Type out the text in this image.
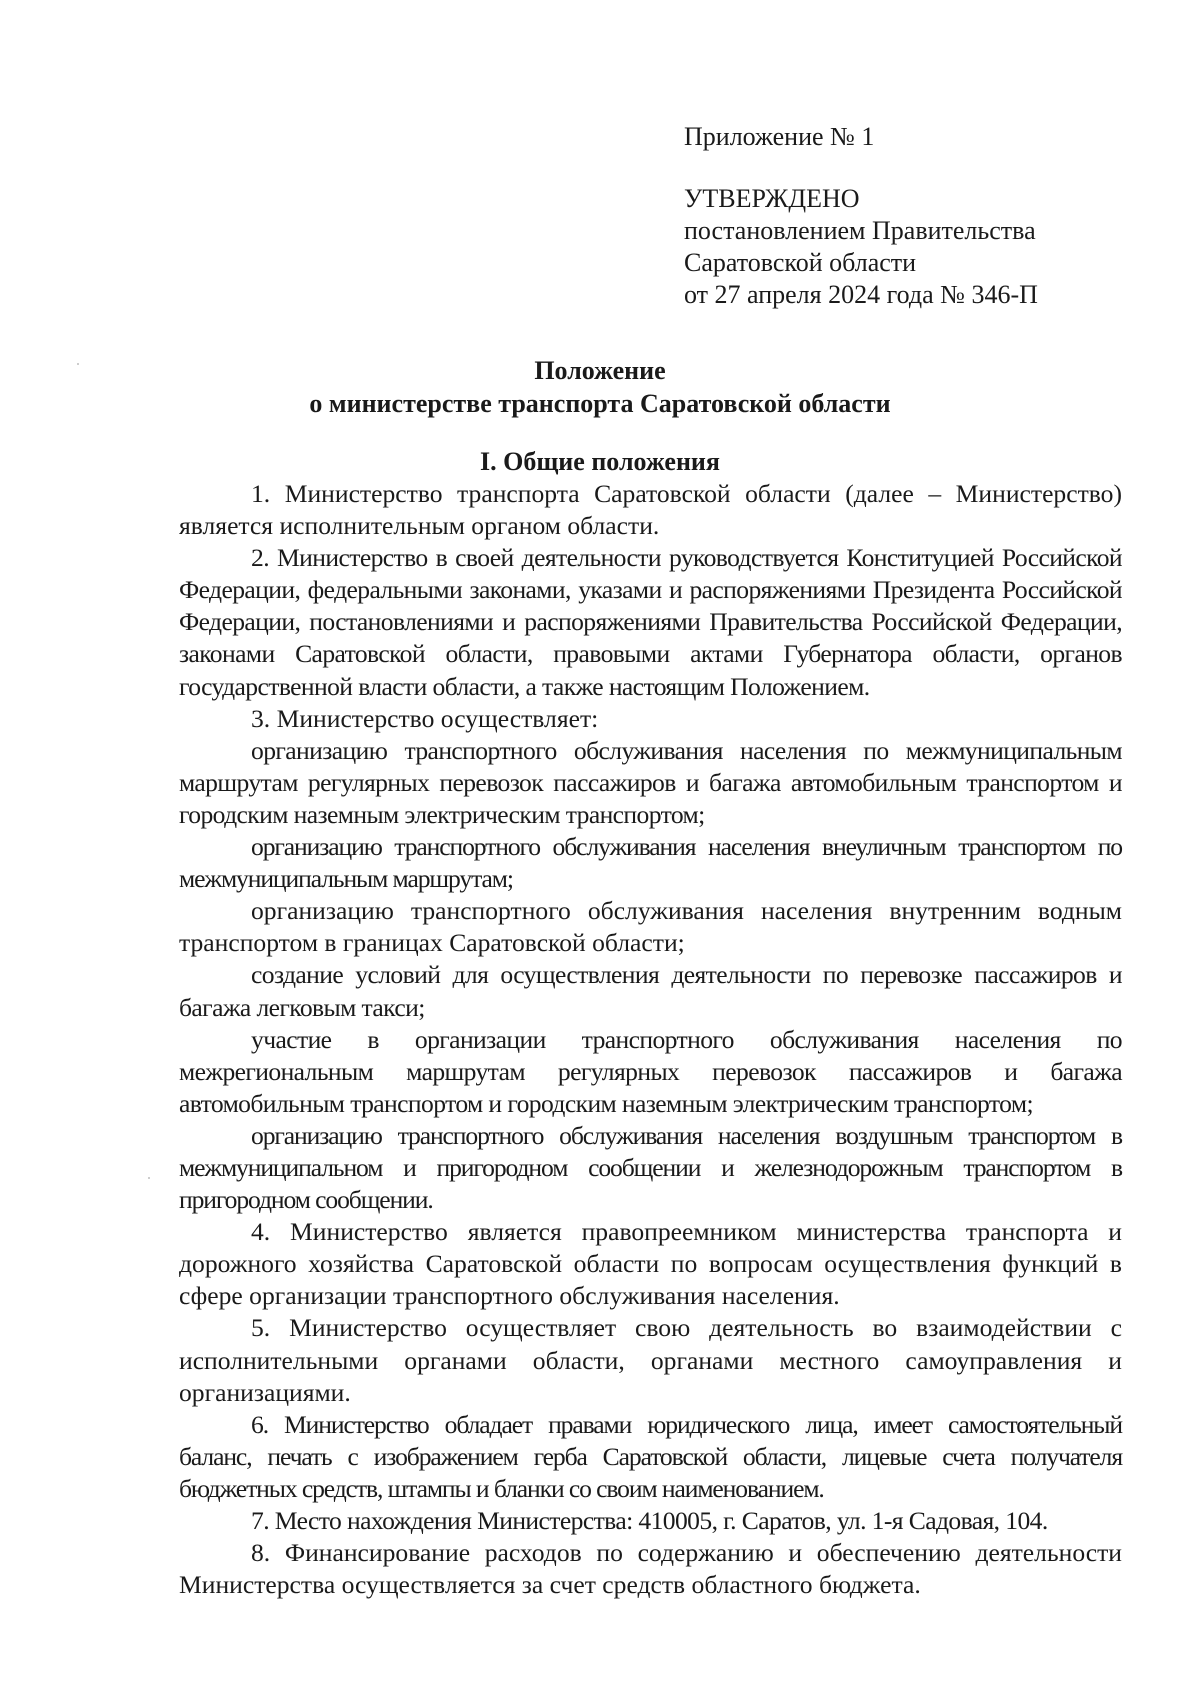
Приложение № 1
УТВЕРЖДЕНО
постановлением Правительства
Саратовской области
от 27 апреля 2024 года № 346-П
Положение
о министерстве транспорта Саратовской области
I. Общие положения

1. Министерство транспорта Саратовской области (далее – Министерство) является исполнительным органом области.

2. Министерство в своей деятельности руководствуется Конституцией Российской Федерации, федеральными законами, указами и распоряжениями Президента Российской Федерации, постановлениями и распоряжениями Правительства Российской Федерации, законами Саратовской области, правовыми актами Губернатора области, органов государственной власти области, а также настоящим Положением.

3. Министерство осуществляет:

организацию транспортного обслуживания населения по межмуниципальным маршрутам регулярных перевозок пассажиров и багажа автомобильным транспортом и городским наземным электрическим транспортом;

организацию транспортного обслуживания населения внеуличным транспортом по межмуниципальным маршрутам;

организацию транспортного обслуживания населения внутренним водным транспортом в границах Саратовской области;

создание условий для осуществления деятельности по перевозке пассажиров и багажа легковым такси;

участие в организации транспортного обслуживания населения по межрегиональным маршрутам регулярных перевозок пассажиров и багажа автомобильным транспортом и городским наземным электрическим транспортом;

организацию транспортного обслуживания населения воздушным транспортом в межмуниципальном и пригородном сообщении и железнодорожным транспортом в пригородном сообщении.

4. Министерство является правопреемником министерства транспорта и дорожного хозяйства Саратовской области по вопросам осуществления функций в сфере организации транспортного обслуживания населения.

5. Министерство осуществляет свою деятельность во взаимодействии с исполнительными органами области, органами местного самоуправления и организациями.

6. Министерство обладает правами юридического лица, имеет самостоятельный баланс, печать с изображением герба Саратовской области, лицевые счета получателя бюджетных средств, штампы и бланки со своим наименованием.

7. Место нахождения Министерства: 410005, г. Саратов, ул. 1-я Садовая, 104.

8. Финансирование расходов по содержанию и обеспечению деятельности Министерства осуществляется за счет средств областного бюджета.
